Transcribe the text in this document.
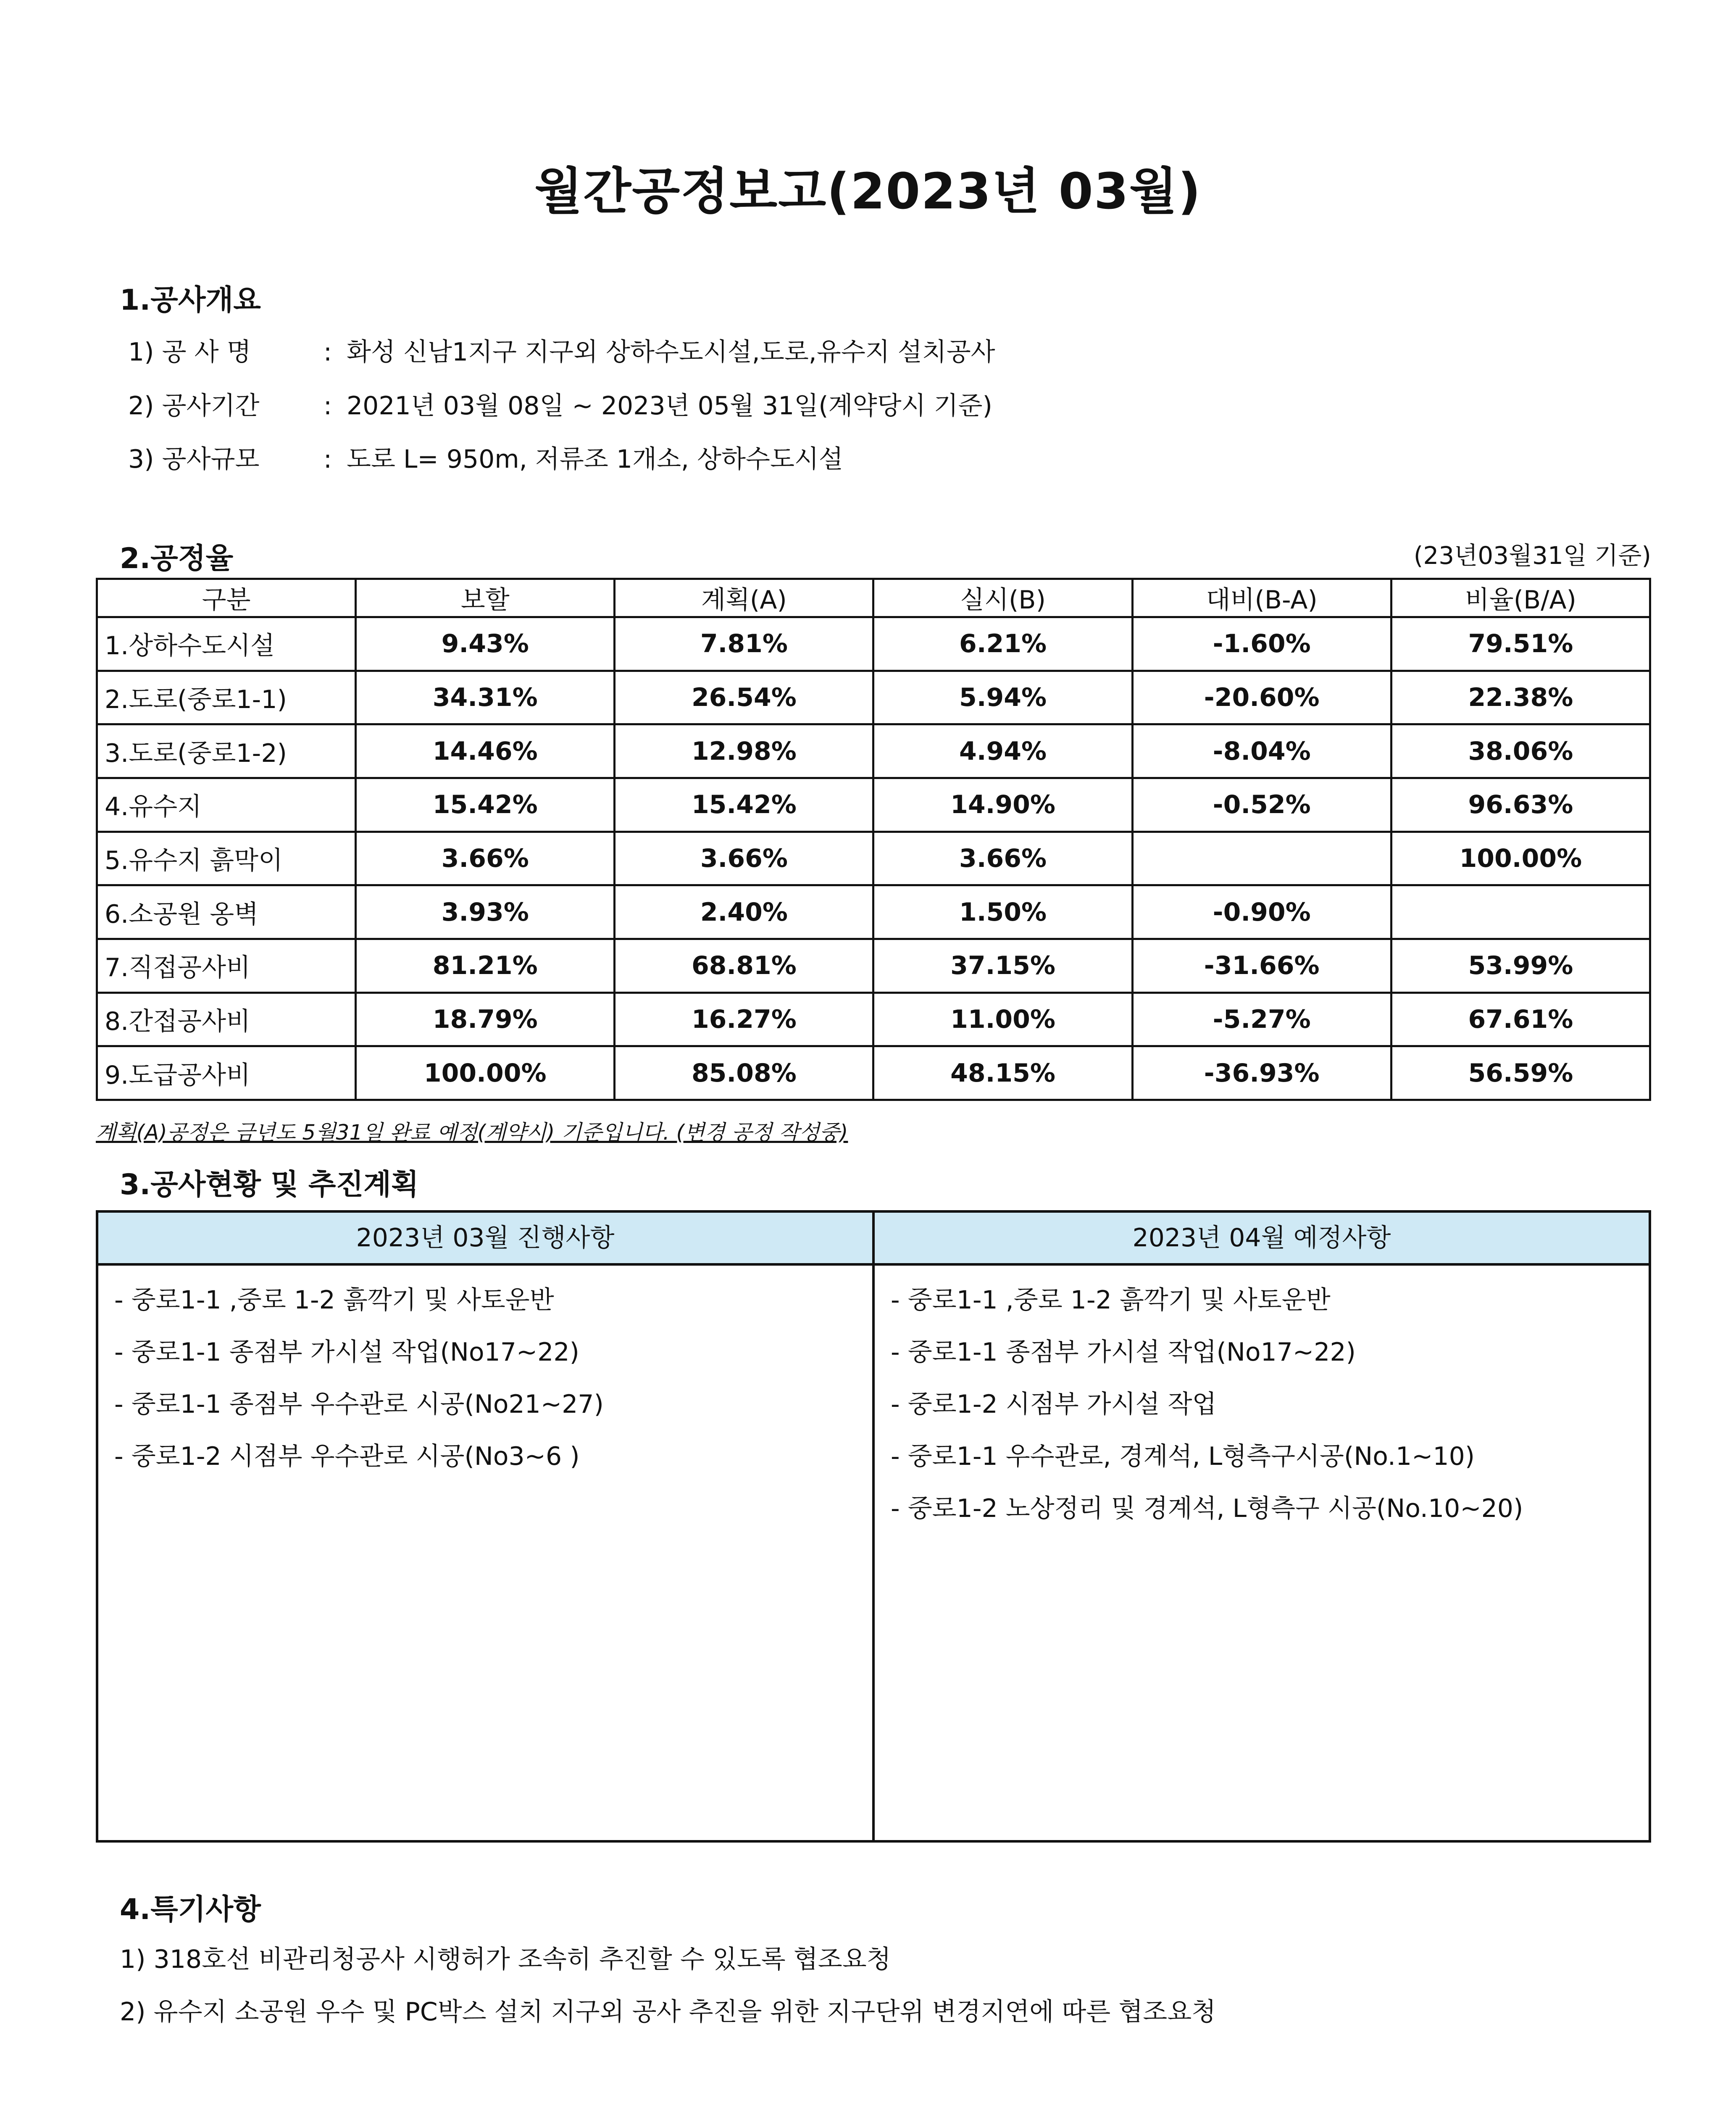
월간공정보고(2023년 03월)
1.공사개요
1) 공 사 명	: 화성 신남1지구 지구외 상하수도시설,도로,유수지 설치공사
2) 공사기간	: 2021년 03월 08일 ~ 2023년 05월 31일(계약당시 기준)
3) 공사규모	: 도로 L= 950m, 저류조 1개소, 상하수도시설
2.공정율	(23년03월31일 기준)
구분	보할	계획(A)	실시(B)	대비(B-A)	비율(B/A)
1.상하수도시설	9.43%	7.81%	6.21%	-1.60%	79.51%
2.도로(중로1-1)	34.31%	26.54%	5.94%	-20.60%	22.38%
3.도로(중로1-2)	14.46%	12.98%	4.94%	-8.04%	38.06%
4.유수지	15.42%	15.42%	14.90%	-0.52%	96.63%
5.유수지 흙막이	3.66%	3.66%	3.66%		100.00%
6.소공원 옹벽	3.93%	2.40%	1.50%	-0.90%	
7.직접공사비	81.21%	68.81%	37.15%	-31.66%	53.99%
8.간접공사비	18.79%	16.27%	11.00%	-5.27%	67.61%
9.도급공사비	100.00%	85.08%	48.15%	-36.93%	56.59%
계획(A)공정은 금년도 5월31일 완료 예정(계약시) 기준입니다. (변경 공정 작성중)
3.공사현황 및 추진계획
2023년 03월 진행사항
- 중로1-1 ,중로 1-2 흙깍기 및 사토운반
- 중로1-1 종점부 가시설 작업(No17~22)
- 중로1-1 종점부 우수관로 시공(No21~27)
- 중로1-2 시점부 우수관로 시공(No3~6 )
2023년 04월 예정사항
- 중로1-1 ,중로 1-2 흙깍기 및 사토운반
- 중로1-1 종점부 가시설 작업(No17~22)
- 중로1-2 시점부 가시설 작업
- 중로1-1 우수관로, 경계석, L형측구시공(No.1~10)
- 중로1-2 노상정리 및 경계석, L형측구 시공(No.10~20)
4.특기사항
1) 318호선 비관리청공사 시행허가 조속히 추진할 수 있도록 협조요청
2) 유수지 소공원 우수 및 PC박스 설치 지구외 공사 추진을 위한 지구단위 변경지연에 따른 협조요청
